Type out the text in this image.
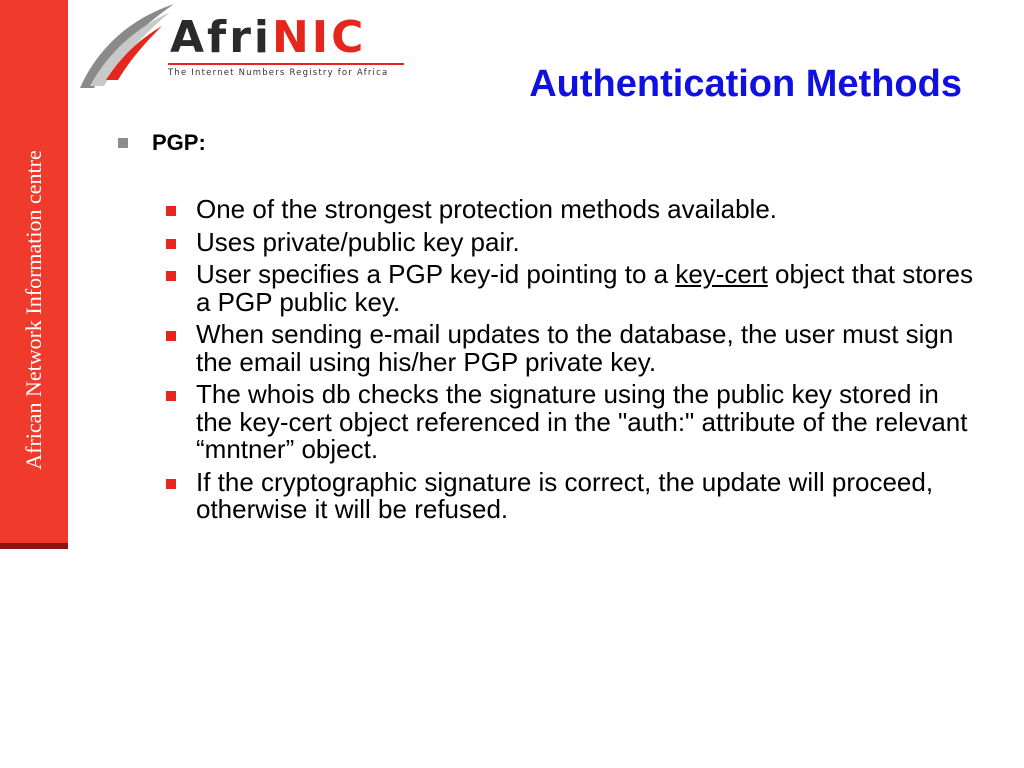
African Network Information centre
AfriNIC
The Internet Numbers Registry for Africa	Authentication Methods
PGP:
One of the strongest protection methods available.
Uses private/public key pair.
User specifies a PGP key-id pointing to a key-cert object that stores a PGP public key.
When sending e-mail updates to the database, the user must sign the email using his/her PGP private key.
The whois db checks the signature using the public key stored in the key-cert object referenced in the "auth:" attribute of the relevant “mntner” object.
If the cryptographic signature is correct, the update will proceed, otherwise it will be refused.
